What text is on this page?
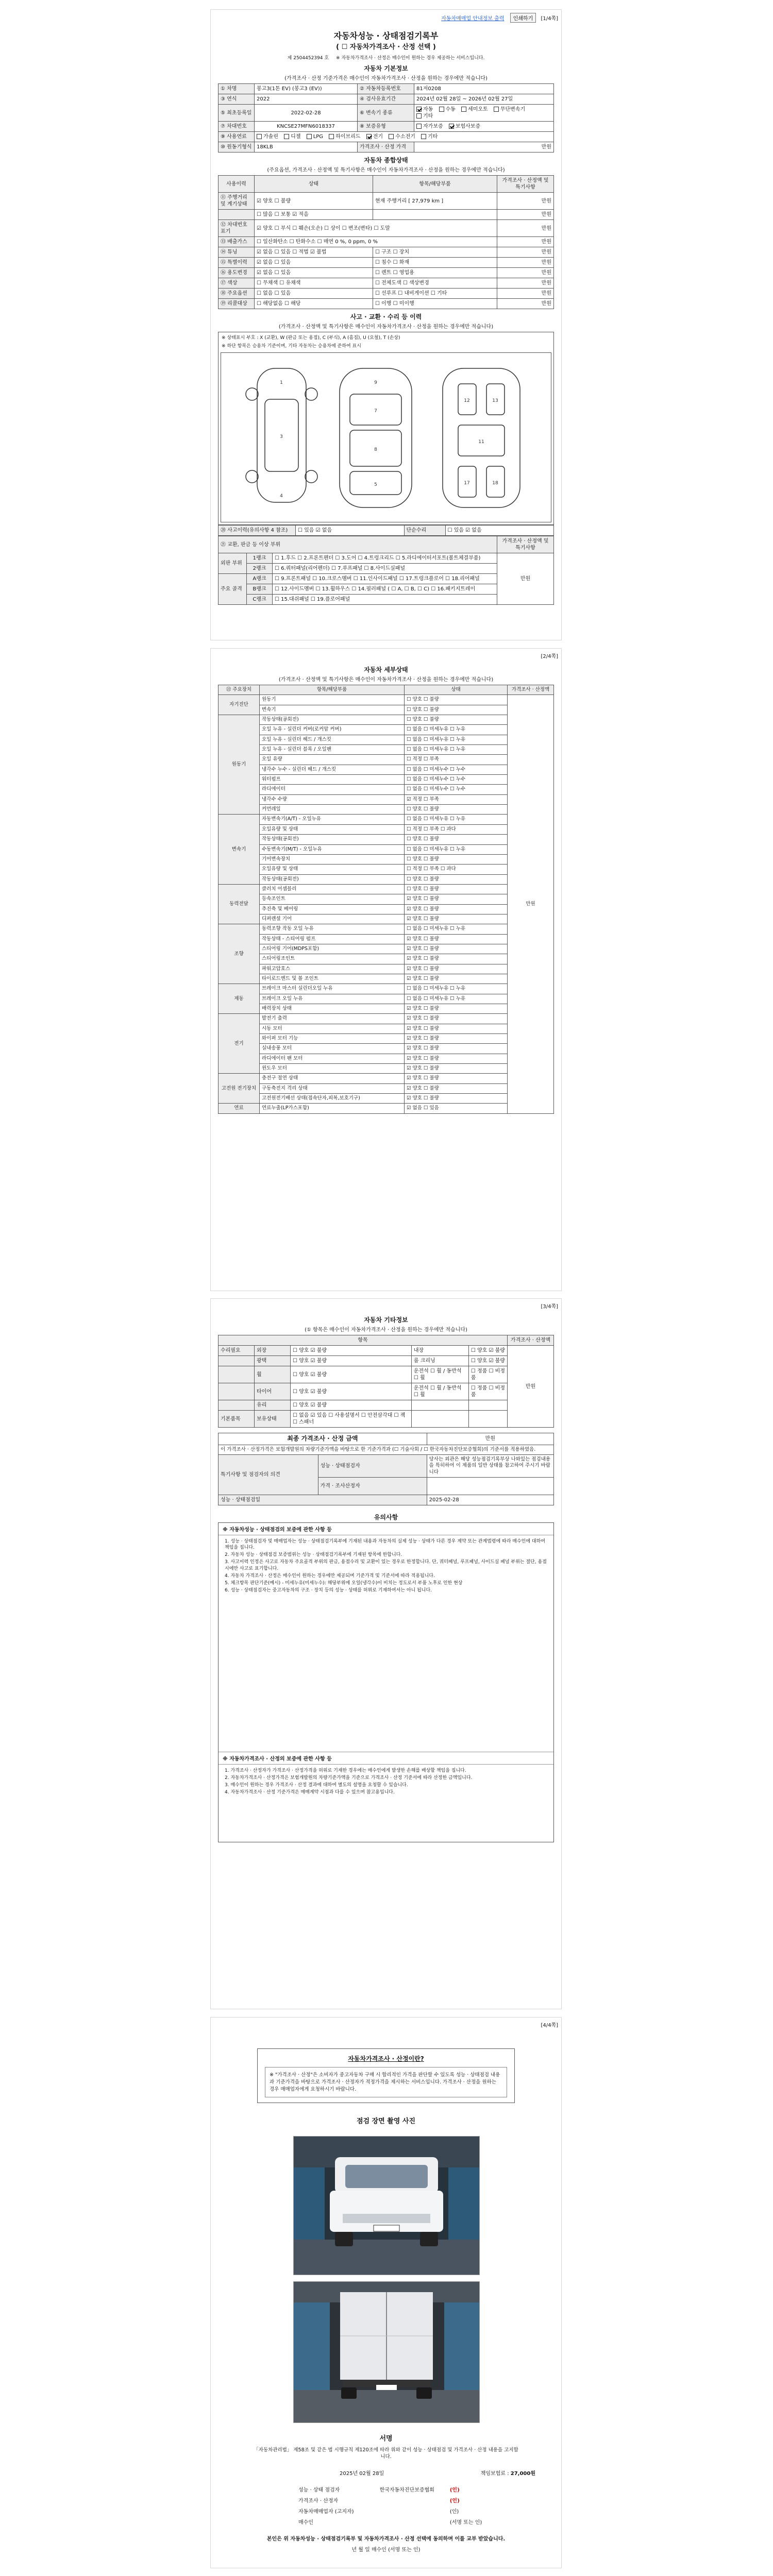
자동차매매업 안내정보 출력 인쇄하기 [1/4쪽]
자동차성능 · 상태점검기록부
( ☐ 자동차가격조사 · 산정 선택 )
제 2504452394 호 ※ 자동차가격조사 · 산정은 매수인이 원하는 경우 제공하는 서비스입니다.
자동차 기본정보
(가격조사 · 산정 기준가격은 매수인이 자동차가격조사 · 산정을 원하는 경우에만 적습니다)
① 차명	봉고3(1톤 EV) (봉고3 (EV))	② 자동차등록번호	81저0208
③ 연식	2022	④ 검사유효기간	2024년 02월 28일 ~ 2026년 02월 27일
⑤ 최초등록일	2022-02-28	⑥ 변속기 종류	자동 수동 세미오토 무단변속기 기타
⑦ 차대번호	KNCSE27MFN6018337	⑧ 보증유형	자가보증 보험사보증
⑨ 사용연료	가솔린 디젤 LPG 하이브리드 전기 수소전기 기타		
⑩ 원동기형식	18KLB	가격조사 · 산정 가격	만원
자동차 종합상태
(주요옵션, 가격조사 · 산정액 및 특기사항은 매수인이 자동차가격조사 · 산정을 원하는 경우에만 적습니다)
사용이력	상태	항목/해당부품	가격조사 · 산정액 및 특기사항
⑪ 주행거리 및 계기상태	☑ 양호 ☐ 불량	현재 주행거리 [ 27,979 km ]	만원
	☐ 많음 ☐ 보통 ☑ 적음		만원
⑫ 차대번호 표기	☑ 양호 ☐ 부식 ☐ 훼손(오손) ☐ 상이 ☐ 변조(변타) ☐ 도말		만원
⑬ 배출가스	☐ 일산화탄소 ☐ 탄화수소 ☐ 매연 0 %, 0 ppm, 0 %		만원
⑭ 튜닝	☑ 없음 ☐ 있음 ☐ 적법 ☑ 불법	☐ 구조 ☐ 장치	만원
⑮ 특별이력	☑ 없음 ☐ 있음	☐ 침수 ☐ 화재	만원
⑯ 용도변경	☑ 없음 ☐ 있음	☐ 렌트 ☐ 영업용	만원
⑰ 색상	☐ 무채색 ☐ 유채색	☐ 전체도색 ☐ 색상변경	만원
⑱ 주요옵션	☐ 없음 ☐ 있음	☐ 선루프 ☐ 내비게이션 ☐ 기타	만원
⑲ 리콜대상	☐ 해당없음 ☐ 해당	☐ 이행 ☐ 미이행	만원
사고 · 교환 · 수리 등 이력
(가격조사 · 산정액 및 특기사항은 매수인이 자동차가격조사 · 산정을 원하는 경우에만 적습니다)
※ 상태표시 부호 : X (교환), W (판금 또는 용접), C (부식), A (흠집), U (요철), T (손상)
※ 하단 항목은 승용차 기준이며, 기타 자동차는 승용차에 준하여 표시
1
3
4
9
7
8
5
12	13
11
17	18
⑳ 사고이력(유의사항 4 참조)	☐ 있음 ☑ 없음	단순수리	☐ 있음 ☑ 없음
㉑ 교환, 판금 등 이상 부위			가격조사 · 산정액 및 특기사항
외판 부위	1랭크	☐ 1.후드 ☐ 2.프론트펜더 ☐ 3.도어 ☐ 4.트렁크리드 ☐ 5.라디에이터서포트(볼트체결부품)	만원
	2랭크	☐ 6.쿼터패널(리어펜더) ☐ 7.루프패널 ☐ 8.사이드실패널	
주요 골격	A랭크	☐ 9.프론트패널 ☐ 10.크로스멤버 ☐ 11.인사이드패널 ☐ 17.트렁크플로어 ☐ 18.리어패널	
	B랭크	☐ 12.사이드멤버 ☐ 13.휠하우스 ☐ 14.필러패널 ( ☐ A, ☐ B, ☐ C) ☐ 16.패키지트레이	
	C랭크	☐ 15.대쉬패널 ☐ 19.플로어패널	
[2/4쪽]
자동차 세부상태
(가격조사 · 산정액 및 특기사항은 매수인이 자동차가격조사 · 산정을 원하는 경우에만 적습니다)
㉒ 주요장치	항목/해당부품	상태	가격조사 · 산정액
자기진단	원동기	☐ 양호 ☐ 불량	만원
	변속기	☐ 양호 ☐ 불량	
원동기	작동상태(공회전)	☐ 양호 ☐ 불량	
	오일 누유 - 실린더 커버(로커암 커버)	☐ 없음 ☐ 미세누유 ☐ 누유	
	오일 누유 - 실린더 헤드 / 개스킷	☐ 없음 ☐ 미세누유 ☐ 누유	
	오일 누유 - 실린더 블록 / 오일팬	☐ 없음 ☐ 미세누유 ☐ 누유	
	오일 유량	☐ 적정 ☐ 부족	
	냉각수 누수 - 실린더 헤드 / 개스킷	☐ 없음 ☐ 미세누수 ☐ 누수	
	워터펌프	☐ 없음 ☐ 미세누수 ☐ 누수	
	라디에이터	☐ 없음 ☐ 미세누수 ☐ 누수	
	냉각수 수량	☑ 적정 ☐ 부족	
	커먼레일	☐ 양호 ☐ 불량	
변속기	자동변속기(A/T) - 오일누유	☐ 없음 ☐ 미세누유 ☐ 누유	
	오일유량 및 상태	☐ 적정 ☐ 부족 ☐ 과다	
	작동상태(공회전)	☐ 양호 ☐ 불량	
	수동변속기(M/T) - 오일누유	☐ 없음 ☐ 미세누유 ☐ 누유	
	기어변속장치	☐ 양호 ☐ 불량	
	오일유량 및 상태	☐ 적정 ☐ 부족 ☐ 과다	
	작동상태(공회전)	☐ 양호 ☐ 불량	
동력전달	클러치 어셈블리	☐ 양호 ☐ 불량	
	등속조인트	☑ 양호 ☐ 불량	
	추진축 및 베어링	☑ 양호 ☐ 불량	
	디퍼렌셜 기어	☑ 양호 ☐ 불량	
조향	동력조향 작동 오일 누유	☐ 없음 ☐ 미세누유 ☐ 누유	
	작동상태 - 스티어링 펌프	☑ 양호 ☐ 불량	
	스티어링 기어(MDPS포함)	☑ 양호 ☐ 불량	
	스티어링조인트	☑ 양호 ☐ 불량	
	파워고압호스	☑ 양호 ☐ 불량	
	타이로드엔드 및 볼 조인트	☑ 양호 ☐ 불량	
제동	브레이크 마스터 실린더오일 누유	☐ 없음 ☐ 미세누유 ☐ 누유	
	브레이크 오일 누유	☐ 없음 ☐ 미세누유 ☐ 누유	
	배력장치 상태	☑ 양호 ☐ 불량	
전기	발전기 출력	☑ 양호 ☐ 불량	
	시동 모터	☑ 양호 ☐ 불량	
	와이퍼 모터 기능	☑ 양호 ☐ 불량	
	실내송풍 모터	☑ 양호 ☐ 불량	
	라디에이터 팬 모터	☑ 양호 ☐ 불량	
	윈도우 모터	☑ 양호 ☐ 불량	
고전원 전기장치	충전구 절연 상태	☑ 양호 ☐ 불량	
	구동축전지 격리 상태	☑ 양호 ☐ 불량	
	고전원전기배선 상태(접속단자,피복,보호기구)	☑ 양호 ☐ 불량	
연료	연료누출(LP가스포함)	☑ 없음 ☐ 있음	
[3/4쪽]
자동차 기타정보
(① 항목은 매수인이 자동차가격조사 · 산정을 원하는 경우에만 적습니다)
항목					가격조사 · 산정액
수리필요	외장	☐ 양호 ☑ 불량	내장	☐ 양호 ☑ 불량	만원
	광택	☐ 양호 ☑ 불량	룸 크리닝	☐ 양호 ☑ 불량	
	휠	☐ 양호 ☑ 불량	운전석 ☐ 휠 / 동반석 ☐ 휠	☐ 정품 ☐ 비정품	
	타이어	☐ 양호 ☑ 불량	운전석 ☐ 휠 / 동반석 ☐ 휠	☐ 정품 ☐ 비정품	
	유리	☐ 양호 ☑ 불량			
기본품목	보유상태	☐ 없음 ☑ 있음 ☐ 사용설명서 ☐ 안전삼각대 ☐ 잭 ☐ 스패너			
최종 가격조사 · 산정 금액		만원
이 가격조사 · 산정가격은 보험개발원의 차량기준가액을 바탕으로 한 기준가격과 (☐ 기술사회 / ☐ 한국자동차진단보증협회)의 기준서를 적용하였음.		
특기사항 및 점검자의 의견	성능 · 상태점검자	당사는 외관은 해당 성능점검기록부상 나와있는 점검내용을 특히하여 이 제품의 일반 상태를 참고하여 주시기 바랍니다
	가격 · 조사산정자	
성능 · 상태점검일		2025-02-28
유의사항
※ 자동차성능 · 상태점검의 보증에 관한 사항 등

1. 성능 · 상태점검자 및 매매업자는 성능 · 상태점검기록부에 기재된 내용과 자동차의 실제 성능 · 상태가 다른 경우 계약 또는 관계법령에 따라 매수인에 대하여 책임을 집니다.

2. 자동차 성능 · 상태점검 보증범위는 성능 · 상태점검기록부에 기재된 항목에 한합니다.

3. 사고이력 인정은 사고로 자동차 주요골격 부위의 판금, 용접수리 및 교환이 있는 경우로 한정합니다. 단, 쿼터패널, 루프패널, 사이드실 패널 부위는 절단, 용접시에만 사고로 표기합니다.

4. 자동차 가격조사 · 산정은 매수인이 원하는 경우에만 제공되며 기준가격 및 기준서에 따라 적용됩니다.

5. 체크항목 판단기준(예시) - 미세누유(미세누수): 해당부위에 오일(냉각수)이 비치는 정도로서 부품 노후로 인한 현상

6. 성능 · 상태점검자는 중고자동차의 구조 · 장치 등의 성능 · 상태를 허위로 기재하여서는 아니 됩니다.

※ 자동차가격조사 · 산정의 보증에 관한 사항 등

1. 가격조사 · 산정자가 가격조사 · 산정가격을 허위로 기재한 경우에는 매수인에게 발생한 손해를 배상할 책임을 집니다.

2. 자동차가격조사 · 산정가격은 보험개발원의 차량기준가액을 기준으로 가격조사 · 산정 기준서에 따라 산정한 금액입니다.

3. 매수인이 원하는 경우 가격조사 · 산정 결과에 대하여 별도의 설명을 요청할 수 있습니다.

4. 자동차가격조사 · 산정 기준가격은 매매계약 시점과 다를 수 있으며 참고용입니다.

[4/4쪽]
자동차가격조사 · 산정이란?
※ "가격조사 · 산정"은 소비자가 중고자동차 구매 시 합리적인 가격을 판단할 수 있도록 성능 · 상태점검 내용과 기준가격을 바탕으로 가격조사 · 산정자가 적정가격을 제시하는 서비스입니다. 가격조사 · 산정을 원하는 경우 매매업자에게 요청하시기 바랍니다.
점검 장면 촬영 사진
서명
「자동차관리법」 제58조 및 같은 법 시행규칙 제120조에 따라 위와 같이 성능 · 상태점검 및 가격조사 · 산정 내용을 고지합니다.
2025년 02월 28일	책임보험료 : 27,000원
성능 · 상태 점검자	한국자동차진단보증협회	(인)
가격조사 · 산정자		(인)
자동차매매업자 (고지자)		(인)
매수인		(서명 또는 인)
본인은 위 자동차성능 · 상태점검기록부 및 자동차가격조사 · 산정 선택에 동의하며 이를 교부 받았습니다.
년 월 일 매수인 (서명 또는 인)
